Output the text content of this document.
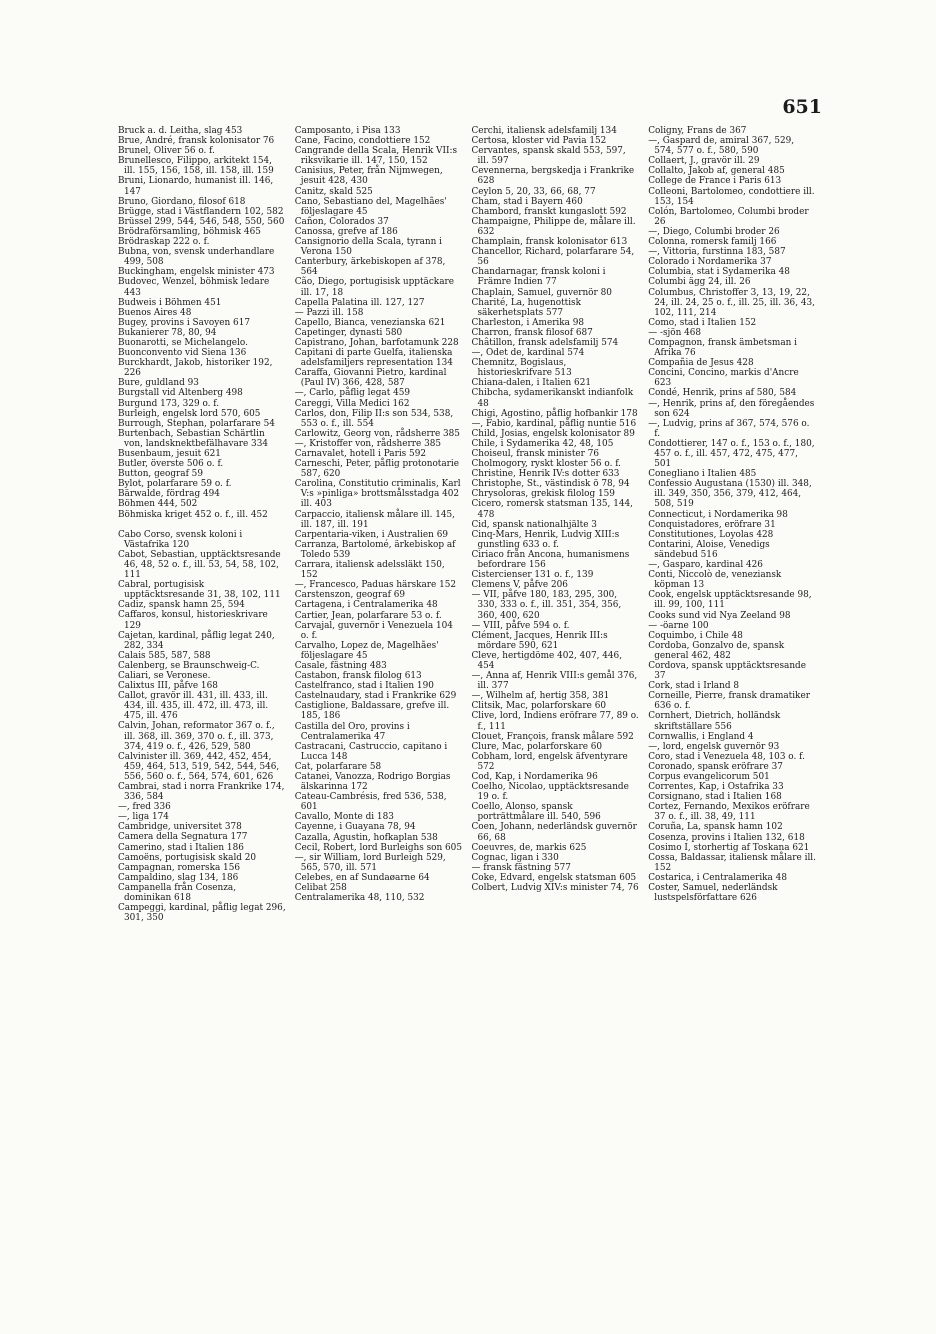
651
Bruck a. d. Leitha, slag 453
Brue, André, fransk kolonisator 76
Brunel, Oliver 56 o. f.
Brunellesco, Filippo, arkitekt 154, ill. 155, 156, 158, ill. 158, ill. 159
Bruni, Lionardo, humanist ill. 146, 147
Bruno, Giordano, filosof 618
Brügge, stad i Västflandern 102, 582
Brüssel 299, 544, 546, 548, 550, 560
Brödraförsamling, böhmisk 465
Brödraskap 222 o. f.
Bubna, von, svensk underhandlare 499, 508
Buckingham, engelsk minister 473
Budovec, Wenzel, böhmisk ledare 443
Budweis i Böhmen 451
Buenos Aires 48
Bugey, provins i Savoyen 617
Bukanierer 78, 80, 94
Buonarotti, se Michelangelo.
Buonconvento vid Siena 136
Burckhardt, Jakob, historiker 192, 226
Bure, guldland 93
Burgstall vid Altenberg 498
Burgund 173, 329 o. f.
Burleigh, engelsk lord 570, 605
Burrough, Stephan, polarfarare 54
Burtenbach, Sebastian Schärtlin von, landsknektbefälhavare 334
Busenbaum, jesuit 621
Butler, överste 506 o. f.
Button, geograf 59
Bylot, polarfarare 59 o. f.
Bärwalde, fördrag 494
Böhmen 444, 502
Böhmiska kriget 452 o. f., ill. 452
Cabo Corso, svensk koloni i Västafrika 120
Cabot, Sebastian, upptäcktsresande 46, 48, 52 o. f., ill. 53, 54, 58, 102, 111
Cabral, portugisisk upptäcktsresande 31, 38, 102, 111
Cadiz, spansk hamn 25, 594
Caffaros, konsul, historieskrivare 129
Cajetan, kardinal, påflig legat 240, 282, 334
Calais 585, 587, 588
Calenberg, se Braunschweig-C.
Caliari, se Veronese.
Calixtus III, påfve 168
Callot, gravör ill. 431, ill. 433, ill. 434, ill. 435, ill. 472, ill. 473, ill. 475, ill. 476
Calvin, Johan, reformator 367 o. f., ill. 368, ill. 369, 370 o. f., ill. 373, 374, 419 o. f., 426, 529, 580
Calvinister ill. 369, 442, 452, 454, 459, 464, 513, 519, 542, 544, 546, 556, 560 o. f., 564, 574, 601, 626
Cambrai, stad i norra Frankrike 174, 336, 584
—, fred 336
—, liga 174
Cambridge, universitet 378
Camera della Segnatura 177
Camerino, stad i Italien 186
Camoëns, portugisisk skald 20
Campagnan, romerska 156
Campaldino, slag 134, 186
Campanella från Cosenza, dominikan 618
Campeggi, kardinal, påflig legat 296, 301, 350
Camposanto, i Pisa 133
Cane, Facino, condottiere 152
Cangrande della Scala, Henrik VII:s riksvikarie ill. 147, 150, 152
Canisius, Peter, från Nijmwegen, jesuit 428, 430
Canitz, skald 525
Cano, Sebastiano del, Magelhães' följeslagare 45
Cañon, Colorados 37
Canossa, grefve af 186
Cansignorio della Scala, tyrann i Verona 150
Canterbury, ärkebiskopen af 378, 564
Cão, Diego, portugisisk upptäckare ill. 17, 18
Capella Palatina ill. 127, 127
— Pazzi ill. 158
Capello, Bianca, venezianska 621
Capetinger, dynasti 580
Capistrano, Johan, barfotamunk 228
Capitani di parte Guelfa, italienska adelsfamiljers representation 134
Caraffa, Giovanni Pietro, kardinal (Paul IV) 366, 428, 587
—, Carlo, påflig legat 459
Careggi, Villa Medici 162
Carlos, don, Filip II:s son 534, 538, 553 o. f., ill. 554
Carlowitz, Georg von, rådsherre 385
—, Kristoffer von, rådsherre 385
Carnavalet, hotell i Paris 592
Carneschi, Peter, påflig protonotarie 587, 620
Carolina, Constitutio criminalis, Karl V:s »pinliga» brottsmålsstadga 402 ill. 403
Carpaccio, italiensk målare ill. 145, ill. 187, ill. 191
Carpentaria-viken, i Australien 69
Carranza, Bartolomé, ärkebiskop af Toledo 539
Carrara, italiensk adelssläkt 150, 152
—, Francesco, Paduas härskare 152
Carstenszon, geograf 69
Cartagena, i Centralamerika 48
Cartier, Jean, polarfarare 53 o. f.
Carvajal, guvernör i Venezuela 104 o. f.
Carvalho, Lopez de, Magelhães' följeslagare 45
Casale, fästning 483
Castabon, fransk filolog 613
Castelfranco, stad i Italien 190
Castelnaudary, stad i Frankrike 629
Castiglione, Baldassare, grefve ill. 185, 186
Castilla del Oro, provins i Centralamerika 47
Castracani, Castruccio, capitano i Lucca 148
Cat, polarfarare 58
Catanei, Vanozza, Rodrigo Borgias älskarinna 172
Cateau-Cambrésis, fred 536, 538, 601
Cavallo, Monte di 183
Cayenne, i Guayana 78, 94
Cazalla, Agustin, hofkaplan 538
Cecil, Robert, lord Burleighs son 605
—, sir William, lord Burleigh 529, 565, 570, ill. 571
Celebes, en af Sundaøarne 64
Celibat 258
Centralamerika 48, 110, 532
Cerchi, italiensk adelsfamilj 134
Certosa, kloster vid Pavia 152
Cervantes, spansk skald 553, 597, ill. 597
Cevennerna, bergskedja i Frankrike 628
Ceylon 5, 20, 33, 66, 68, 77
Cham, stad i Bayern 460
Chambord, franskt kungaslott 592
Champaigne, Philippe de, målare ill. 632
Champlain, fransk kolonisator 613
Chancellor, Richard, polarfarare 54, 56
Chandarnagar, fransk koloni i Främre Indien 77
Chaplain, Samuel, guvernör 80
Charité, La, hugenottisk säkerhetsplats 577
Charleston, i Amerika 98
Charron, fransk filosof 687
Châtillon, fransk adelsfamilj 574
—, Odet de, kardinal 574
Chemnitz, Bogislaus, historieskrifvare 513
Chiana-dalen, i Italien 621
Chibcha, sydamerikanskt indianfolk 48
Chigi, Agostino, påflig hofbankir 178
—, Fabio, kardinal, påflig nuntie 516
Child, Josias, engelsk kolonisator 89
Chile, i Sydamerika 42, 48, 105
Choiseul, fransk minister 76
Cholmogory, ryskt kloster 56 o. f.
Christine, Henrik IV:s dotter 633
Christophe, St., västindisk ö 78, 94
Chrysoloras, grekisk filolog 159
Cicero, romersk statsman 135, 144, 478
Cid, spansk nationalhjälte 3
Cinq-Mars, Henrik, Ludvig XIII:s gunstling 633 o. f.
Ciriaco från Ancona, humanismens befordrare 156
Cistercienser 131 o. f., 139
Clemens V, påfve 206
— VII, påfve 180, 183, 295, 300, 330, 333 o. f., ill. 351, 354, 356, 360, 400, 620
— VIII, påfve 594 o. f.
Clément, Jacques, Henrik III:s mördare 590, 621
Cleve, hertigdöme 402, 407, 446, 454
—, Anna af, Henrik VIII:s gemål 376, ill. 377
—, Wilhelm af, hertig 358, 381
Clitsik, Mac, polarforskare 60
Clive, lord, Indiens eröfrare 77, 89 o. f., 111
Clouet, François, fransk målare 592
Clure, Mac, polarforskare 60
Cobham, lord, engelsk äfventyrare 572
Cod, Kap, i Nordamerika 96
Coelho, Nicolao, upptäcktsresande 19 o. f.
Coello, Alonso, spansk porträttmålare ill. 540, 596
Coen, Johann, nederländsk guvernör 66, 68
Coeuvres, de, markis 625
Cognac, ligan i 330
— fransk fästning 577
Coke, Edvard, engelsk statsman 605
Colbert, Ludvig XIV:s minister 74, 76
Coligny, Frans de 367
—, Gaspard de, amiral 367, 529, 574, 577 o. f., 580, 590
Collaert, J., gravör ill. 29
Collalto, Jakob af, general 485
College de France i Paris 613
Colleoni, Bartolomeo, condottiere ill. 153, 154
Colón, Bartolomeo, Columbi broder 26
—, Diego, Columbi broder 26
Colonna, romersk familj 166
—, Vittoria, furstinna 183, 587
Colorado i Nordamerika 37
Columbia, stat i Sydamerika 48
Columbi ägg 24, ill. 26
Columbus, Christoffer 3, 13, 19, 22, 24, ill. 24, 25 o. f., ill. 25, ill. 36, 43, 102, 111, 214
Como, stad i Italien 152
— -sjön 468
Compagnon, fransk ämbetsman i Afrika 76
Compañia de Jesus 428
Concini, Concino, markis d'Ancre 623
Condé, Henrik, prins af 580, 584
—, Henrik, prins af, den föregåendes son 624
—, Ludvig, prins af 367, 574, 576 o. f.
Condottierer, 147 o. f., 153 o. f., 180, 457 o. f., ill. 457, 472, 475, 477, 501
Conegliano i Italien 485
Confessio Augustana (1530) ill. 348, ill. 349, 350, 356, 379, 412, 464, 508, 519
Connecticut, i Nordamerika 98
Conquistadores, eröfrare 31
Constitutiones, Loyolas 428
Contarini, Aloise, Venedigs sändebud 516
—, Gasparo, kardinal 426
Conti, Niccolò de, veneziansk köpman 13
Cook, engelsk upptäcktsresande 98, ill. 99, 100, 111
Cooks sund vid Nya Zeeland 98
— -öarne 100
Coquimbo, i Chile 48
Cordoba, Gonzalvo de, spansk general 462, 482
Cordova, spansk upptäcktsresande 37
Cork, stad i Irland 8
Corneille, Pierre, fransk dramatiker 636 o. f.
Cornhert, Dietrich, holländsk skriftställare 556
Cornwallis, i England 4
—, lord, engelsk guvernör 93
Coro, stad i Venezuela 48, 103 o. f.
Coronado, spansk eröfrare 37
Corpus evangelicorum 501
Correntes, Kap, i Ostafrika 33
Corsignano, stad i Italien 168
Cortez, Fernando, Mexikos eröfrare 37 o. f., ill. 38, 49, 111
Coruña, La, spansk hamn 102
Cosenza, provins i Italien 132, 618
Cosimo I, storhertig af Toskana 621
Cossa, Baldassar, italiensk målare ill. 152
Costarica, i Centralamerika 48
Coster, Samuel, nederländsk lustspelsförfattare 626
